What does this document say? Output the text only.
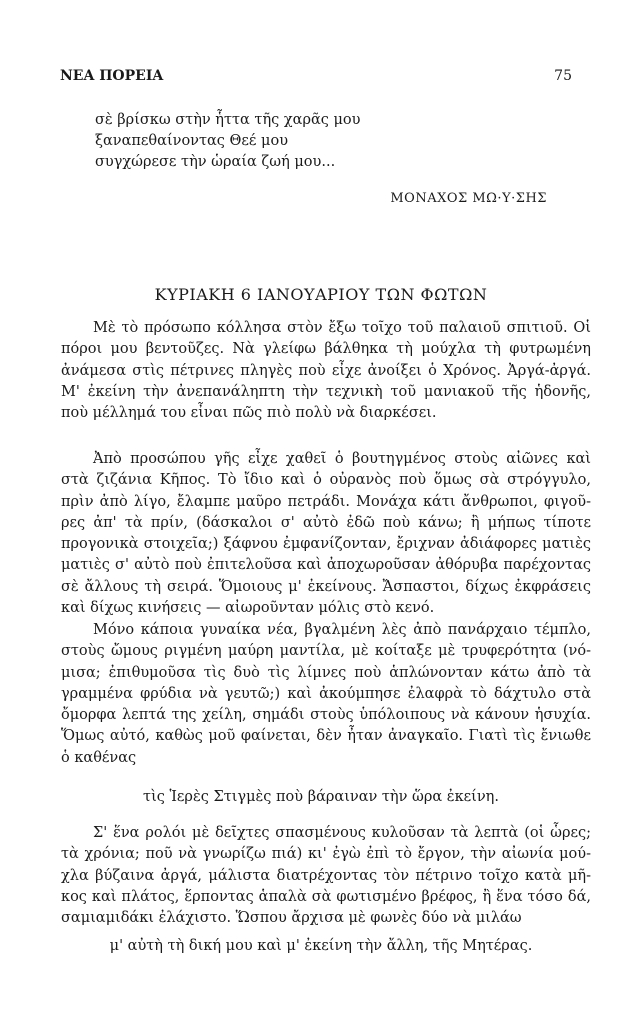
ΝΕΑ ΠΟΡΕΙΑ	75
σὲ βρίσκω στὴν ἧττα τῆς χαρᾶς μου
ξαναπεθαίνοντας Θεέ μου
συγχώρεσε τὴν ὡραία ζωή μου...
ΜΟΝΑΧΟΣ ΜΩ·Υ·ΣΗΣ
ΚΥΡΙΑΚΗ 6 ΙΑΝΟΥΑΡΙΟΥ ΤΩΝ ΦΩΤΩΝ
Μὲ τὸ πρόσωπο κόλλησα στὸν ἔξω τοῖχο τοῦ παλαιοῦ σπιτιοῦ. Οἱ
πόροι μου βεντοῦζες. Νὰ γλείφω βάλθηκα τὴ μούχλα τὴ φυτρωμένη
ἀνάμεσα στὶς πέτρινες πληγὲς ποὺ εἶχε ἀνοίξει ὁ Χρόνος. Ἀργά-ἀργά.
Μ' ἐκείνη τὴν ἀνεπανάληπτη τὴν τεχνικὴ τοῦ μανιακοῦ τῆς ἡδονῆς,
ποὺ μέλλημά του εἶναι πῶς πιὸ πολὺ νὰ διαρκέσει.
Ἀπὸ προσώπου γῆς εἶχε χαθεῖ ὁ βουτηγμένος στοὺς αἰῶνες καὶ
στὰ ζιζάνια Κῆπος. Τὸ ἴδιο καὶ ὁ οὐρανὸς ποὺ ὅμως σὰ στρόγγυλο,
πρὶν ἀπὸ λίγο, ἔλαμπε μαῦρο πετράδι. Μονάχα κάτι ἄνθρωποι, φιγοῦ-
ρες ἀπ' τὰ πρίν, (δάσκαλοι σ' αὐτὸ ἐδῶ ποὺ κάνω; ἢ μήπως τίποτε
προγονικὰ στοιχεῖα;) ξάφνου ἐμφανίζονταν, ἔριχναν ἀδιάφορες ματιὲς
ματιὲς σ' αὐτὸ ποὺ ἐπιτελοῦσα καὶ ἀποχωροῦσαν ἀθόρυβα παρέχοντας
σὲ ἄλλους τὴ σειρά. Ὅμοιους μ' ἐκείνους. Ἄσπαστοι, δίχως ἐκφράσεις
καὶ δίχως κινήσεις — αἰωροῦνταν μόλις στὸ κενό.
Μόνο κάποια γυναίκα νέα, βγαλμένη λὲς ἀπὸ πανάρχαιο τέμπλο,
στοὺς ὤμους ριγμένη μαύρη μαντίλα, μὲ κοίταξε μὲ τρυφερότητα (νό-
μισα; ἐπιθυμοῦσα τὶς δυὸ τὶς λίμνες ποὺ ἁπλώνονταν κάτω ἀπὸ τὰ
γραμμένα φρύδια νὰ γευτῶ;) καὶ ἀκούμπησε ἐλαφρὰ τὸ δάχτυλο στὰ
ὄμορφα λεπτά της χείλη, σημάδι στοὺς ὑπόλοιπους νὰ κάνουν ἡσυχία.
Ὅμως αὐτό, καθὼς μοῦ φαίνεται, δὲν ἦταν ἀναγκαῖο. Γιατὶ τὶς ἔνιωθε
ὁ καθένας
τὶς Ἱερὲς Στιγμὲς ποὺ βάραιναν τὴν ὥρα ἐκείνη.
Σ' ἕνα ρολόι μὲ δεῖχτες σπασμένους κυλοῦσαν τὰ λεπτὰ (οἱ ὧρες;
τὰ χρόνια; ποῦ νὰ γνωρίζω πιά) κι' ἐγὼ ἐπὶ τὸ ἔργον, τὴν αἰωνία μού-
χλα βύζαινα ἀργά, μάλιστα διατρέχοντας τὸν πέτρινο τοῖχο κατὰ μῆ-
κος καὶ πλάτος, ἕρποντας ἁπαλὰ σὰ φωτισμένο βρέφος, ἢ ἕνα τόσο δά,
σαμιαμιδάκι ἐλάχιστο. Ὥσπου ἄρχισα μὲ φωνὲς δύο νὰ μιλάω
μ' αὐτὴ τὴ δική μου καὶ μ' ἐκείνη τὴν ἄλλη, τῆς Μητέρας.
